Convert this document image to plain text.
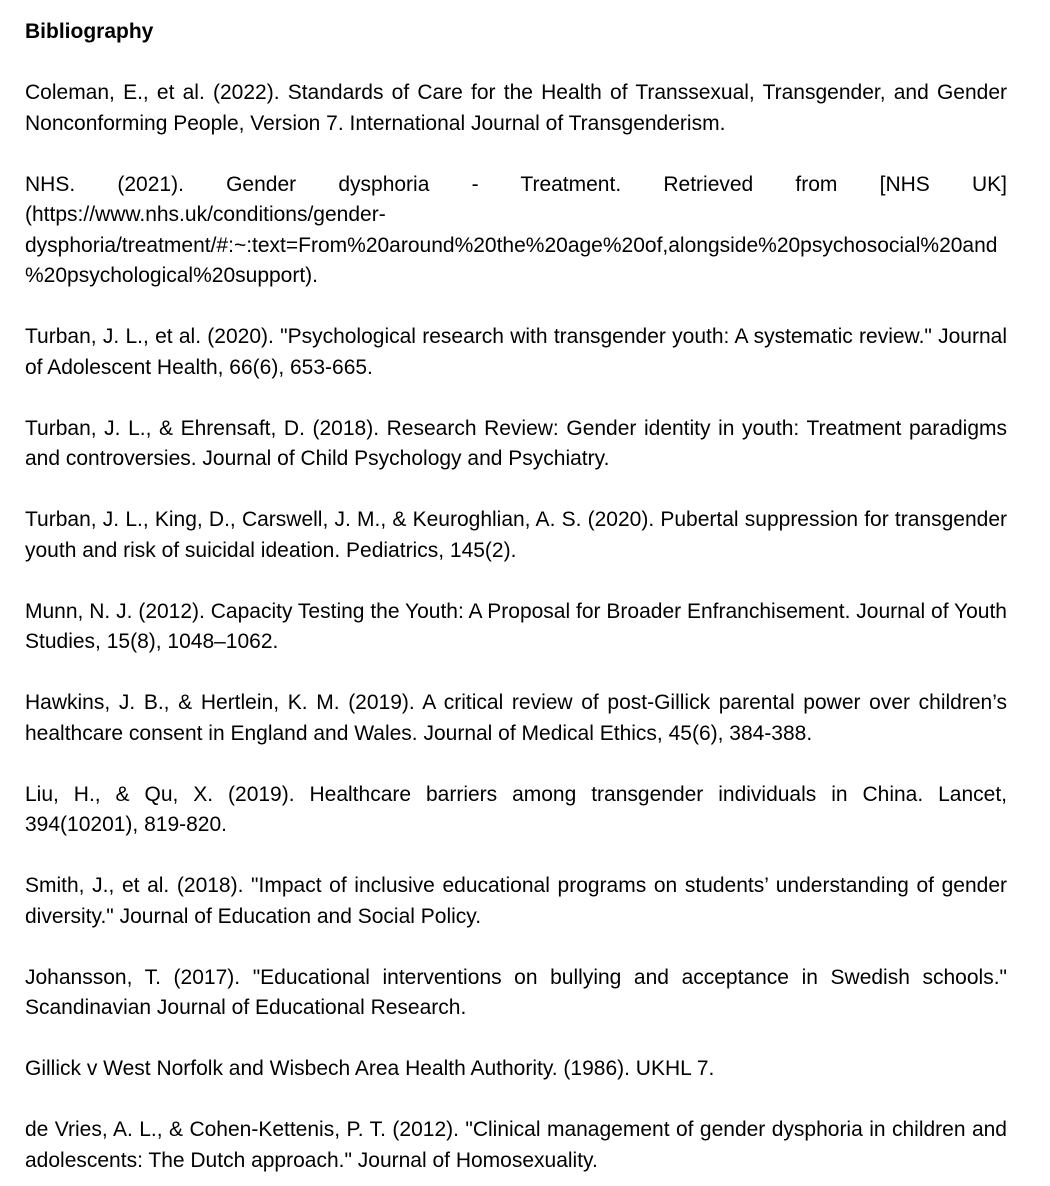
Bibliography
Coleman, E., et al. (2022). Standards of Care for the Health of Transsexual, Transgender, and Gender Nonconforming People, Version 7. International Journal of Transgenderism.
NHS. (2021). Gender dysphoria - Treatment. Retrieved from [NHS UK](https://www.nhs.uk/conditions/gender-dysphoria/treatment/#:~:text=From%20around%20the%20age%20of,alongside%20psychosocial%20and%20psychological%20support).
Turban, J. L., et al. (2020). "Psychological research with transgender youth: A systematic review." Journal of Adolescent Health, 66(6), 653-665.
Turban, J. L., & Ehrensaft, D. (2018). Research Review: Gender identity in youth: Treatment paradigms and controversies. Journal of Child Psychology and Psychiatry.
Turban, J. L., King, D., Carswell, J. M., & Keuroghlian, A. S. (2020). Pubertal suppression for transgender youth and risk of suicidal ideation. Pediatrics, 145(2).
Munn, N. J. (2012). Capacity Testing the Youth: A Proposal for Broader Enfranchisement. Journal of Youth Studies, 15(8), 1048–1062.
Hawkins, J. B., & Hertlein, K. M. (2019). A critical review of post-Gillick parental power over children’s healthcare consent in England and Wales. Journal of Medical Ethics, 45(6), 384-388.
Liu, H., & Qu, X. (2019). Healthcare barriers among transgender individuals in China. Lancet, 394(10201), 819-820.
Smith, J., et al. (2018). "Impact of inclusive educational programs on students’ understanding of gender diversity." Journal of Education and Social Policy.
Johansson, T. (2017). "Educational interventions on bullying and acceptance in Swedish schools." Scandinavian Journal of Educational Research.
Gillick v West Norfolk and Wisbech Area Health Authority. (1986). UKHL 7.
de Vries, A. L., & Cohen-Kettenis, P. T. (2012). "Clinical management of gender dysphoria in children and adolescents: The Dutch approach." Journal of Homosexuality.
